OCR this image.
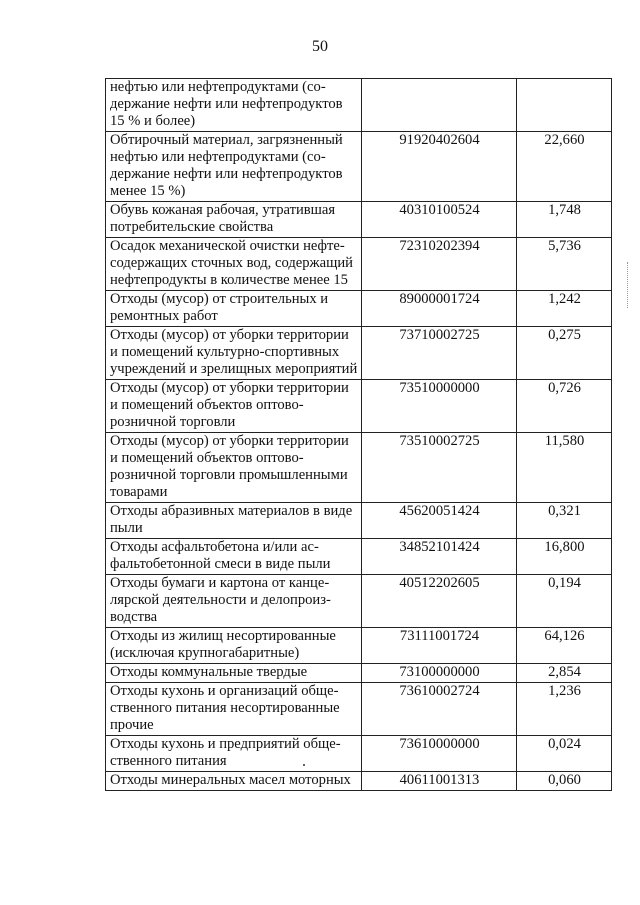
50
нефтью или нефтепродуктами (содержание нефти или нефтепродуктов 15 % и более)		
Обтирочный материал, загрязненный нефтью или нефтепродуктами (содержание нефти или нефтепродуктов менее 15 %)	91920402604	22,660
Обувь кожаная рабочая, утратившая потребительские свойства	40310100524	1,748
Осадок механической очистки нефтесодержащих сточных вод, содержащий нефтепродукты в количестве менее 15	72310202394	5,736
Отходы (мусор) от строительных и ремонтных работ	89000001724	1,242
Отходы (мусор) от уборки территории и помещений культурно-спортивных учреждений и зрелищных мероприятий	73710002725	0,275
Отходы (мусор) от уборки территории и помещений объектов оптово-розничной торговли	73510000000	0,726
Отходы (мусор) от уборки территории и помещений объектов оптово-розничной торговли промышленными товарами	73510002725	11,580
Отходы абразивных материалов в виде пыли	45620051424	0,321
Отходы асфальтобетона и/или асфальтобетонной смеси в виде пыли	34852101424	16,800
Отходы бумаги и картона от канцелярской деятельности и делопроизводства	40512202605	0,194
Отходы из жилищ несортированные (исключая крупногабаритные)	73111001724	64,126
Отходы коммунальные твердые	73100000000	2,854
Отходы кухонь и организаций общественного питания несортированные прочие	73610002724	1,236
Отходы кухонь и предприятий общественного питания	73610000000	0,024
Отходы минеральных масел моторных	40611001313	0,060
